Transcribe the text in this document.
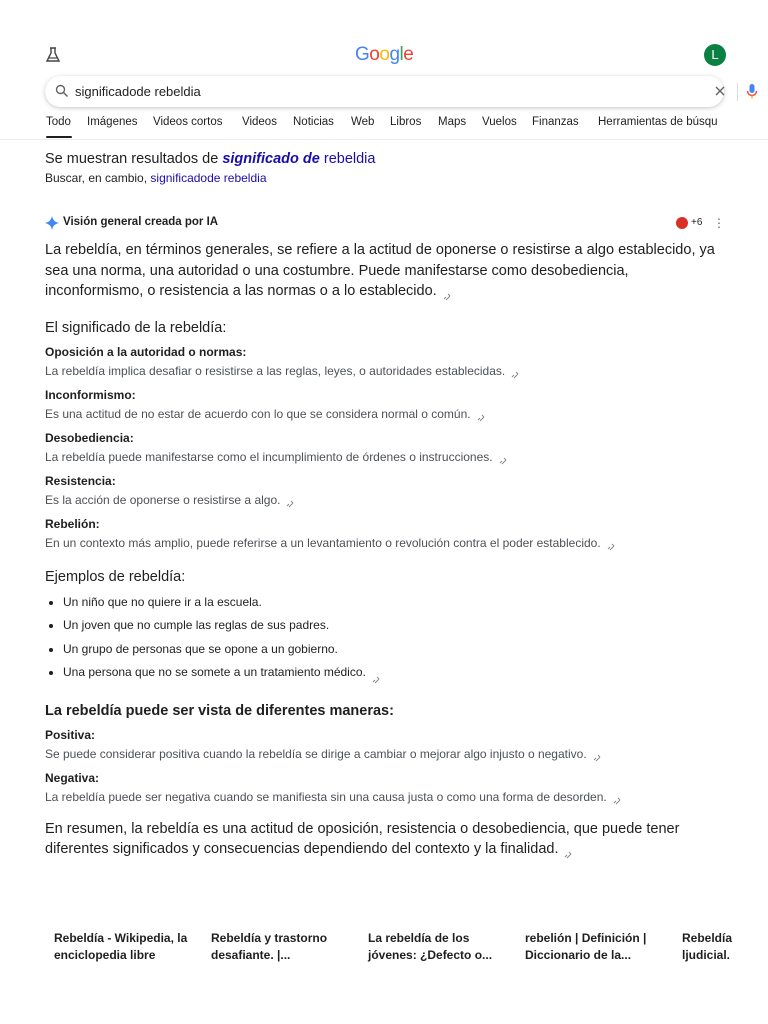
Google	L
significadode rebeldia
Todo Imágenes Videos cortos Videos Noticias Web Libros Maps Vuelos Finanzas Herramientas de búsqu
Se muestran resultados de significado de rebeldia
Buscar, en cambio, significadode rebeldia
Visión general creada por IA	+6 ⋮

La rebeldía, en términos generales, se refiere a la actitud de oponerse o resistirse a algo establecido, ya sea una norma, una autoridad o una costumbre. Puede manifestarse como desobediencia, inconformismo, o resistencia a las normas o a lo establecido.

El significado de la rebeldía:
Oposición a la autoridad o normas:
La rebeldía implica desafiar o resistirse a las reglas, leyes, o autoridades establecidas.
Inconformismo:
Es una actitud de no estar de acuerdo con lo que se considera normal o común.
Desobediencia:
La rebeldía puede manifestarse como el incumplimiento de órdenes o instrucciones.
Resistencia:
Es la acción de oponerse o resistirse a algo.
Rebelión:
En un contexto más amplio, puede referirse a un levantamiento o revolución contra el poder establecido.
Ejemplos de rebeldía:
• Un niño que no quiere ir a la escuela.
• Un joven que no cumple las reglas de sus padres.
• Un grupo de personas que se opone a un gobierno.
• Una persona que no se somete a un tratamiento médico.
La rebeldía puede ser vista de diferentes maneras:
Positiva:
Se puede considerar positiva cuando la rebeldía se dirige a cambiar o mejorar algo injusto o negativo.
Negativa:
La rebeldía puede ser negativa cuando se manifiesta sin una causa justa o como una forma de desorden.

En resumen, la rebeldía es una actitud de oposición, resistencia o desobediencia, que puede tener diferentes significados y consecuencias dependiendo del contexto y la finalidad.

Rebeldía - Wikipedia, la enciclopedia libre
Rebeldía y trastorno desafiante. |...
La rebeldía de los jóvenes: ¿Defecto o...
rebelión | Definición | Diccionario de la...
Rebeldía ljudicial.
